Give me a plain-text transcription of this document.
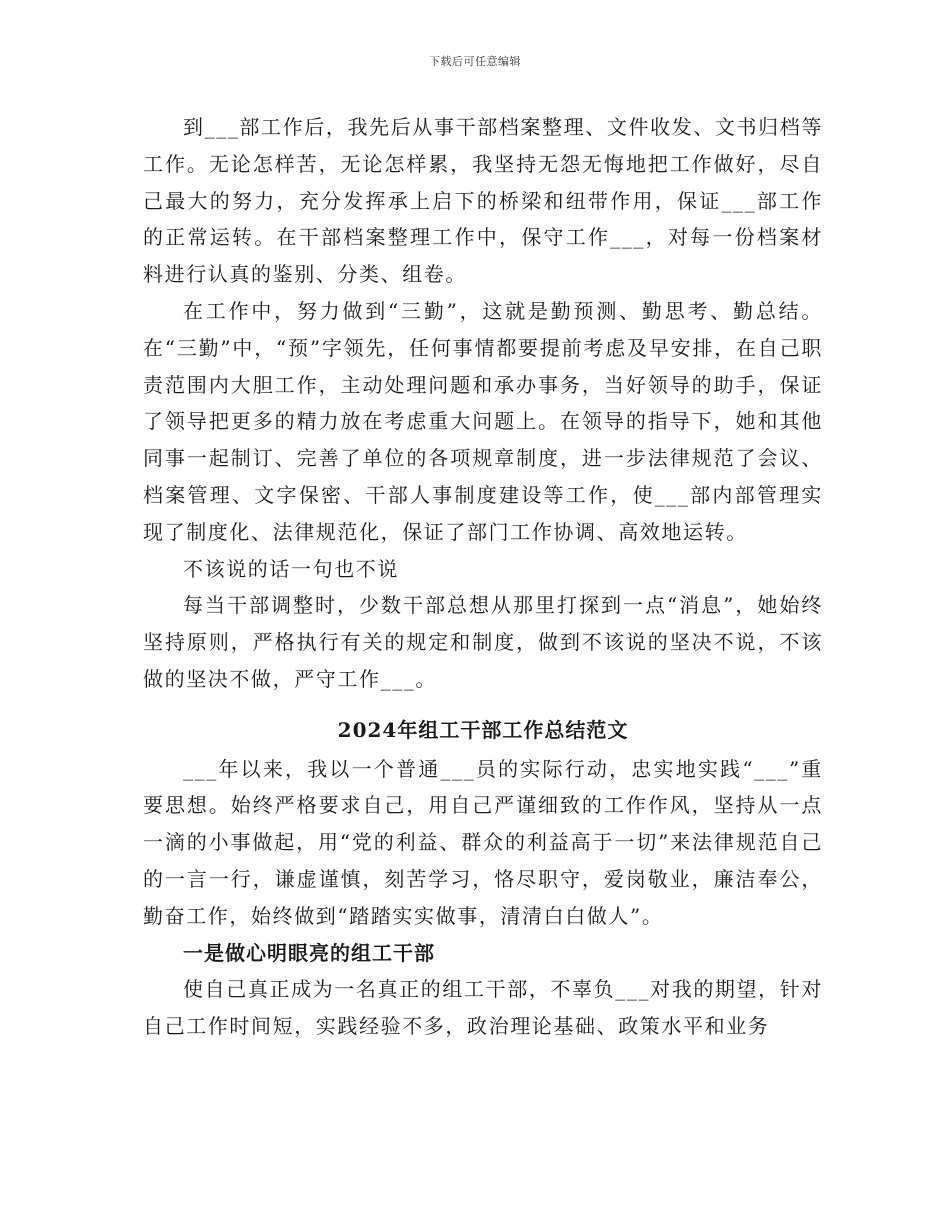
下载后可任意编辑

到___部工作后，我先后从事干部档案整理、文件收发、文书归档等工作。无论怎样苦，无论怎样累，我坚持无怨无悔地把工作做好，尽自己最大的努力，充分发挥承上启下的桥梁和纽带作用，保证___部工作的正常运转。在干部档案整理工作中，保守工作___，对每一份档案材料进行认真的鉴别、分类、组卷。

在工作中，努力做到“三勤”，这就是勤预测、勤思考、勤总结。在“三勤”中，“预”字领先，任何事情都要提前考虑及早安排，在自己职责范围内大胆工作，主动处理问题和承办事务，当好领导的助手，保证了领导把更多的精力放在考虑重大问题上。在领导的指导下，她和其他同事一起制订、完善了单位的各项规章制度，进一步法律规范了会议、档案管理、文字保密、干部人事制度建设等工作，使___部内部管理实现了制度化、法律规范化，保证了部门工作协调、高效地运转。

不该说的话一句也不说

每当干部调整时，少数干部总想从那里打探到一点“消息”，她始终坚持原则，严格执行有关的规定和制度，做到不该说的坚决不说，不该做的坚决不做，严守工作___。

2024年组工干部工作总结范文

___年以来，我以一个普通___员的实际行动，忠实地实践“___”重要思想。始终严格要求自己，用自己严谨细致的工作作风，坚持从一点一滴的小事做起，用“党的利益、群众的利益高于一切”来法律规范自己的一言一行，谦虚谨慎，刻苦学习，恪尽职守，爱岗敬业，廉洁奉公，勤奋工作，始终做到“踏踏实实做事，清清白白做人”。

一是做心明眼亮的组工干部

使自己真正成为一名真正的组工干部，不辜负___对我的期望，针对自己工作时间短，实践经验不多，政治理论基础、政策水平和业务
